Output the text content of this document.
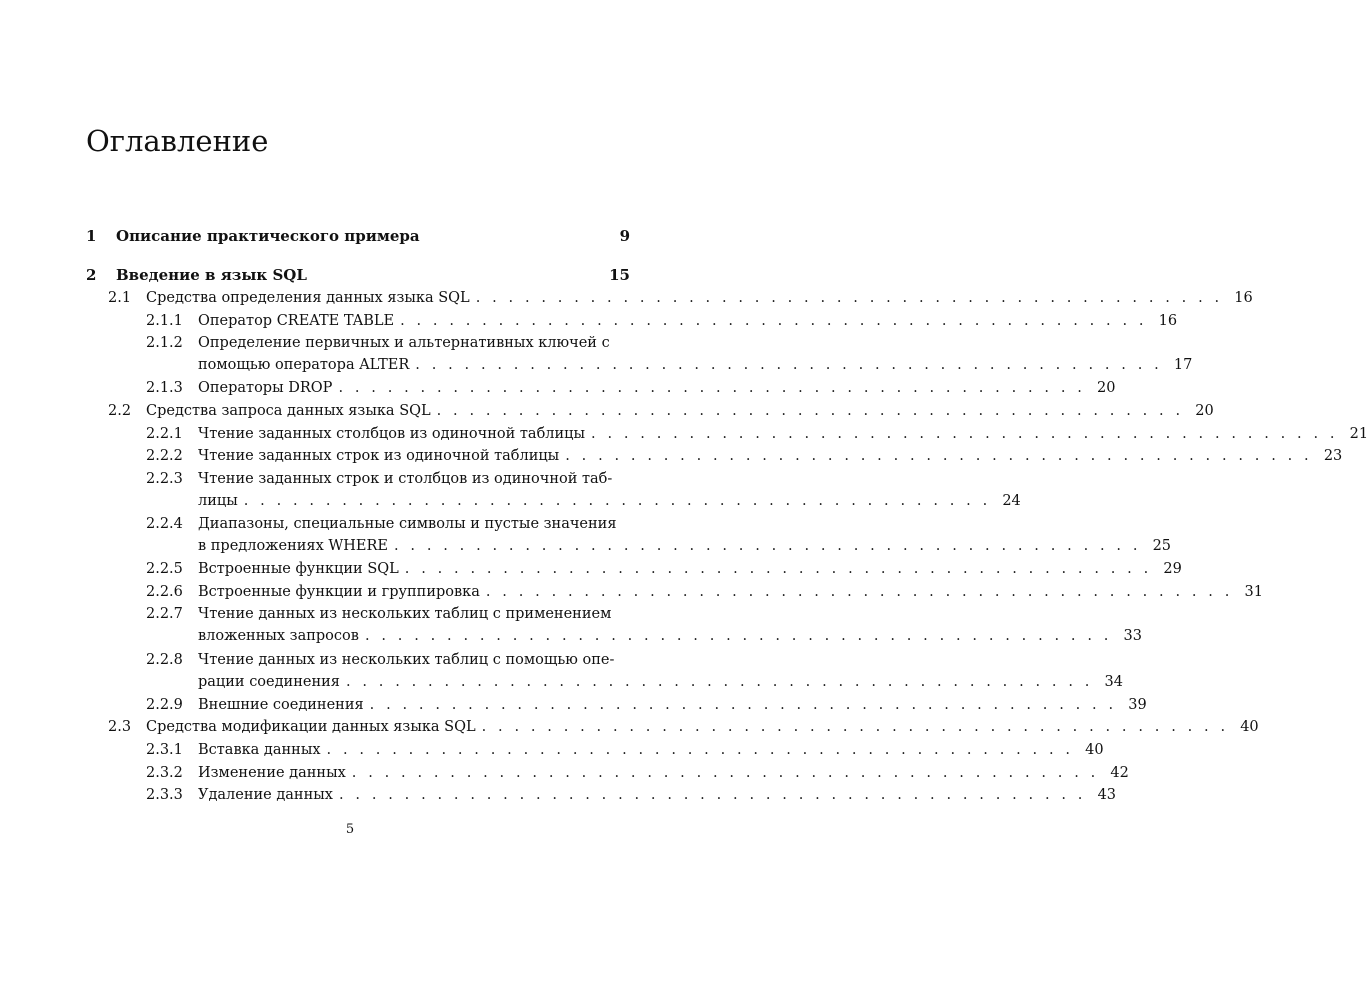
Оглавление
1	Описание практического примера	9
2	Введение в язык SQL	15
2.1	Средства определения данных языка SQL . . . . . . . . . . . . . . . . . . . . . . . . . . . . . . . . . . . . . . . . . . . . . . 16
2.1.1	Оператор CREATE TABLE . . . . . . . . . . . . . . . . . . . . . . . . . . . . . . . . . . . . . . . . . . . . . . 16
2.1.2	Определение первичных и альтернативных ключей с
помощью оператора ALTER . . . . . . . . . . . . . . . . . . . . . . . . . . . . . . . . . . . . . . . . . . . . . . 17
2.1.3	Операторы DROP . . . . . . . . . . . . . . . . . . . . . . . . . . . . . . . . . . . . . . . . . . . . . . 20
2.2	Средства запроса данных языка SQL . . . . . . . . . . . . . . . . . . . . . . . . . . . . . . . . . . . . . . . . . . . . . . 20
2.2.1	Чтение заданных столбцов из одиночной таблицы . . . . . . . . . . . . . . . . . . . . . . . . . . . . . . . . . . . . . . . . . . . . . . 21
2.2.2	Чтение заданных строк из одиночной таблицы . . . . . . . . . . . . . . . . . . . . . . . . . . . . . . . . . . . . . . . . . . . . . . 23
2.2.3	Чтение заданных строк и столбцов из одиночной таб-
лицы . . . . . . . . . . . . . . . . . . . . . . . . . . . . . . . . . . . . . . . . . . . . . . 24
2.2.4	Диапазоны, специальные символы и пустые значения
в предложениях WHERE . . . . . . . . . . . . . . . . . . . . . . . . . . . . . . . . . . . . . . . . . . . . . . 25
2.2.5	Встроенные функции SQL . . . . . . . . . . . . . . . . . . . . . . . . . . . . . . . . . . . . . . . . . . . . . . 29
2.2.6	Встроенные функции и группировка . . . . . . . . . . . . . . . . . . . . . . . . . . . . . . . . . . . . . . . . . . . . . . 31
2.2.7	Чтение данных из нескольких таблиц с применением
вложенных запросов . . . . . . . . . . . . . . . . . . . . . . . . . . . . . . . . . . . . . . . . . . . . . . 33
2.2.8	Чтение данных из нескольких таблиц с помощью опе-
рации соединения . . . . . . . . . . . . . . . . . . . . . . . . . . . . . . . . . . . . . . . . . . . . . . 34
2.2.9	Внешние соединения . . . . . . . . . . . . . . . . . . . . . . . . . . . . . . . . . . . . . . . . . . . . . . 39
2.3	Средства модификации данных языка SQL . . . . . . . . . . . . . . . . . . . . . . . . . . . . . . . . . . . . . . . . . . . . . . 40
2.3.1	Вставка данных . . . . . . . . . . . . . . . . . . . . . . . . . . . . . . . . . . . . . . . . . . . . . . 40
2.3.2	Изменение данных . . . . . . . . . . . . . . . . . . . . . . . . . . . . . . . . . . . . . . . . . . . . . . 42
2.3.3	Удаление данных . . . . . . . . . . . . . . . . . . . . . . . . . . . . . . . . . . . . . . . . . . . . . . 43
5
